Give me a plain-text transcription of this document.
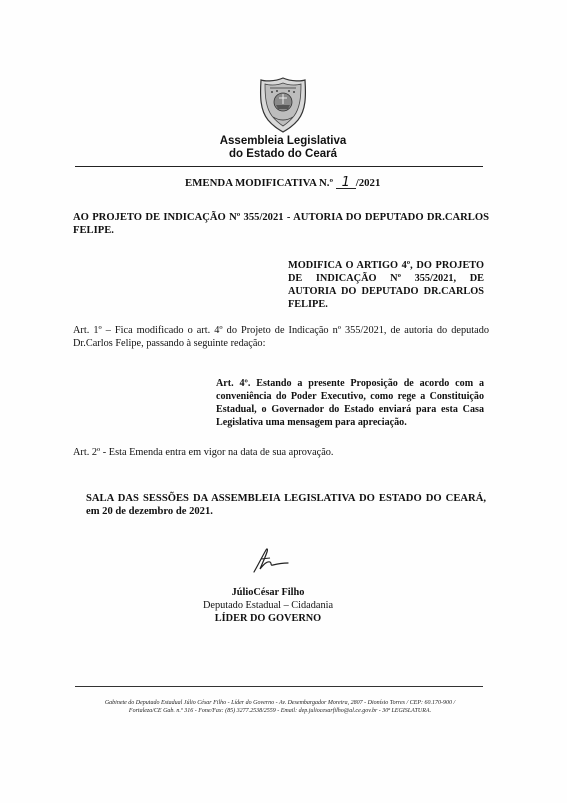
Assembleia Legislativa
do Estado do Ceará
EMENDA MODIFICATIVA N.º 1 /2021
AO PROJETO DE INDICAÇÃO Nº 355/2021 - AUTORIA DO DEPUTADO DR.CARLOS FELIPE.
MODIFICA O ARTIGO 4º, DO PROJETO DE INDICAÇÃO Nº 355/2021, DE AUTORIA DO DEPUTADO DR.CARLOS FELIPE.
Art. 1º – Fica modificado o art. 4º do Projeto de Indicação nº 355/2021, de autoria do deputado Dr.Carlos Felipe, passando à seguinte redação:
Art. 4º. Estando a presente Proposição de acordo com a conveniência do Poder Executivo, como rege a Constituição Estadual, o Governador do Estado enviará para esta Casa Legislativa uma mensagem para apreciação.
Art. 2º - Esta Emenda entra em vigor na data de sua aprovação.
SALA DAS SESSÕES DA ASSEMBLEIA LEGISLATIVA DO ESTADO DO CEARÁ, em 20 de dezembro de 2021.
JúlioCésar Filho
Deputado Estadual – Cidadania
LÍDER DO GOVERNO
Gabinete do Deputado Estadual Júlio César Filho - Líder do Governo - Av. Desembargador Moreira, 2807 - Dionísio Torres / CEP: 60.170-900 /
Fortaleza/CE Gab. n.º 316 - Fone/Fax: (85) 3277.2538/2559 - Email: dep.juliocesarfilho@al.ce.gov.br - 30ª LEGISLATURA.
